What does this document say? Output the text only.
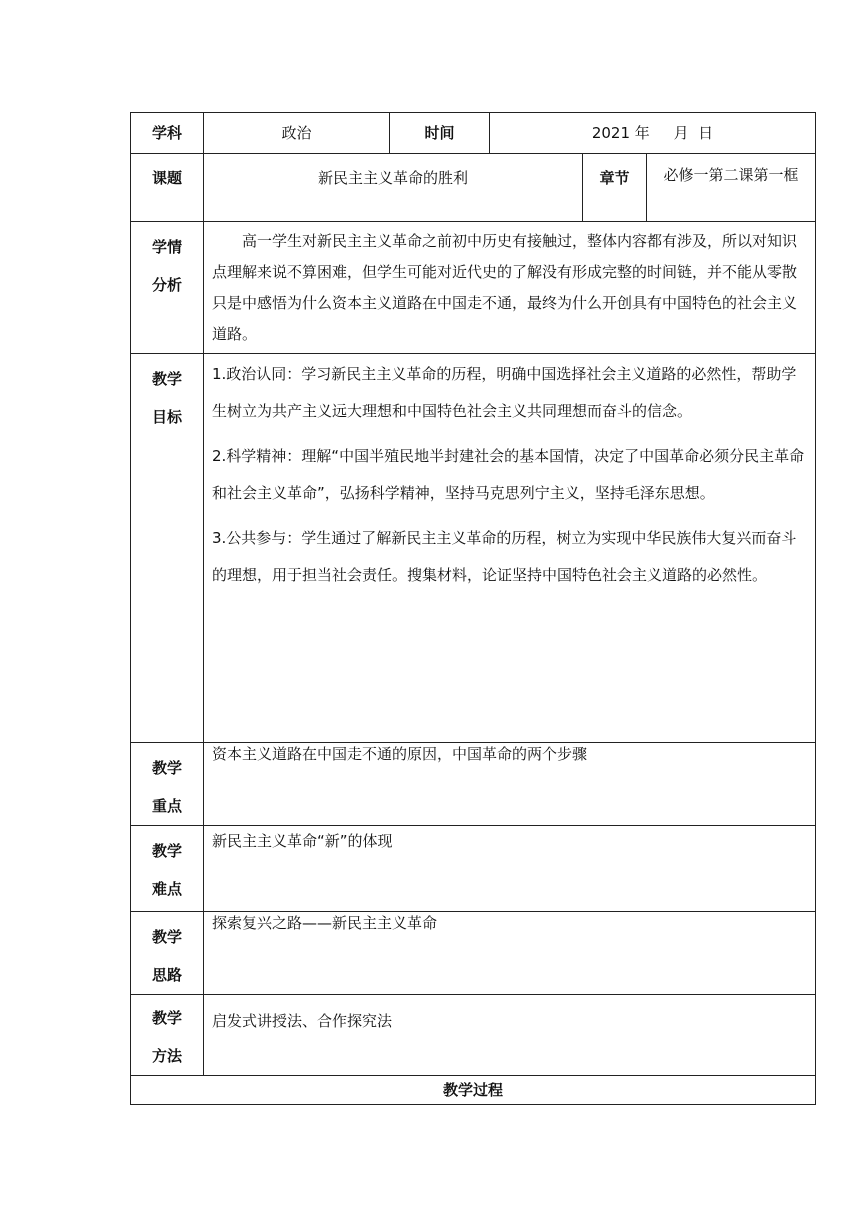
学科	政治	时间	2021 年     月  日		
课题	新民主主义革命的胜利			章节	必修一第二课第一框

学情分析	高一学生对新民主主义革命之前初中历史有接触过，整体内容都有涉及，所以对知识点理解来说不算困难，但学生可能对近代史的了解没有形成完整的时间链，并不能从零散只是中感悟为什么资本主义道路在中国走不通，最终为什么开创具有中国特色的社会主义道路。				

教学目标	1.政治认同：学习新民主主义革命的历程，明确中国选择社会主义道路的必然性，帮助学生树立为共产主义远大理想和中国特色社会主义共同理想而奋斗的信念。

2.科学精神：理解“中国半殖民地半封建社会的基本国情，决定了中国革命必须分民主革命和社会主义革命”，弘扬科学精神，坚持马克思列宁主义，坚持毛泽东思想。

3.公共参与：学生通过了解新民主主义革命的历程，树立为实现中华民族伟大复兴而奋斗的理想，用于担当社会责任。搜集材料，论证坚持中国特色社会主义道路的必然性。				

教学重点	资本主义道路在中国走不通的原因，中国革命的两个步骤				

教学难点	新民主主义革命“新”的体现				

教学思路	探索复兴之路——新民主主义革命				

教学方法	启发式讲授法、合作探究法				
教学过程					
